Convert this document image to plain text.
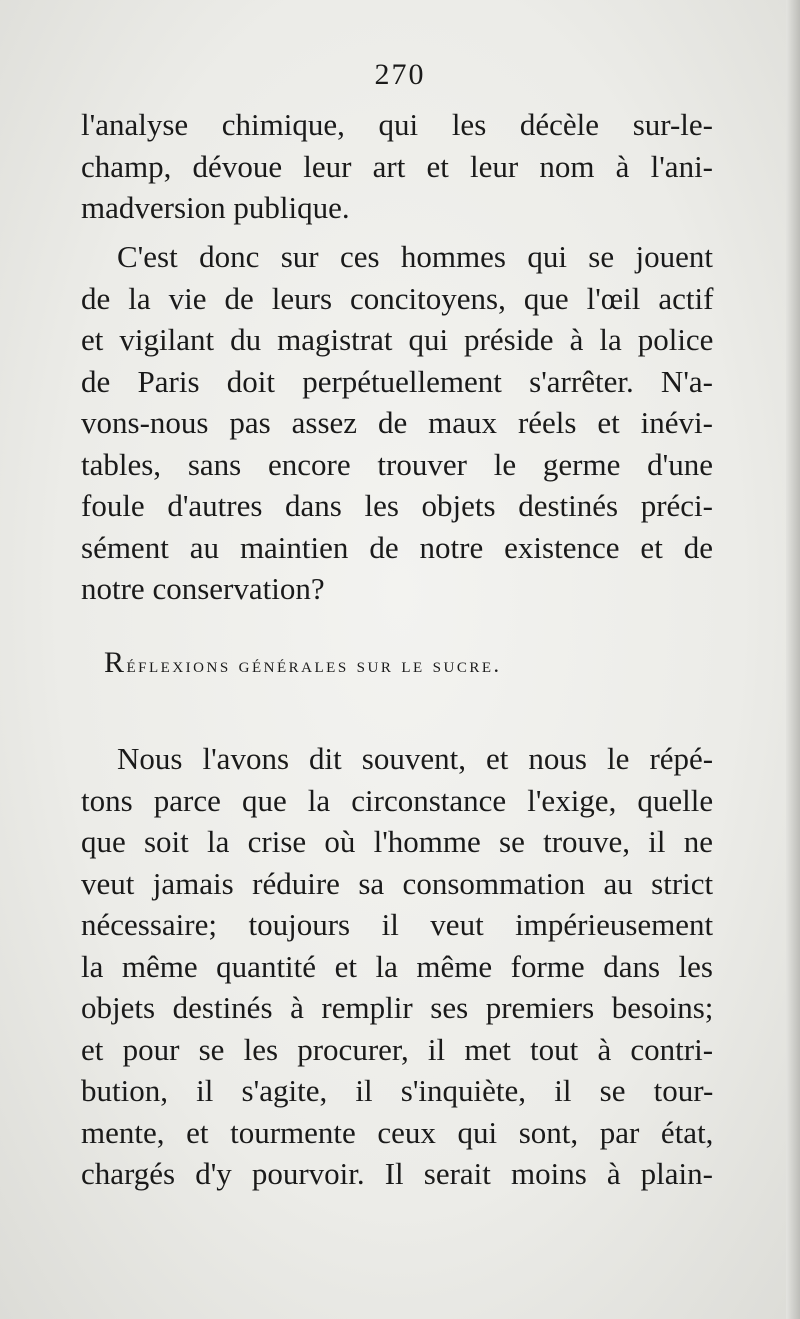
270
l'analyse chimique, qui les décèle sur-le-
champ, dévoue leur art et leur nom à l'ani-
madversion publique.
C'est donc sur ces hommes qui se jouent
de la vie de leurs concitoyens, que l'œil actif
et vigilant du magistrat qui préside à la police
de Paris doit perpétuellement s'arrêter. N'a-
vons-nous pas assez de maux réels et inévi-
tables, sans encore trouver le germe d'une
foule d'autres dans les objets destinés préci-
sément au maintien de notre existence et de
notre conservation?
Réflexions générales sur le sucre.
Nous l'avons dit souvent, et nous le répé-
tons parce que la circonstance l'exige, quelle
que soit la crise où l'homme se trouve, il ne
veut jamais réduire sa consommation au strict
nécessaire; toujours il veut impérieusement
la même quantité et la même forme dans les
objets destinés à remplir ses premiers besoins;
et pour se les procurer, il met tout à contri-
bution, il s'agite, il s'inquiète, il se tour-
mente, et tourmente ceux qui sont, par état,
chargés d'y pourvoir. Il serait moins à plain-
